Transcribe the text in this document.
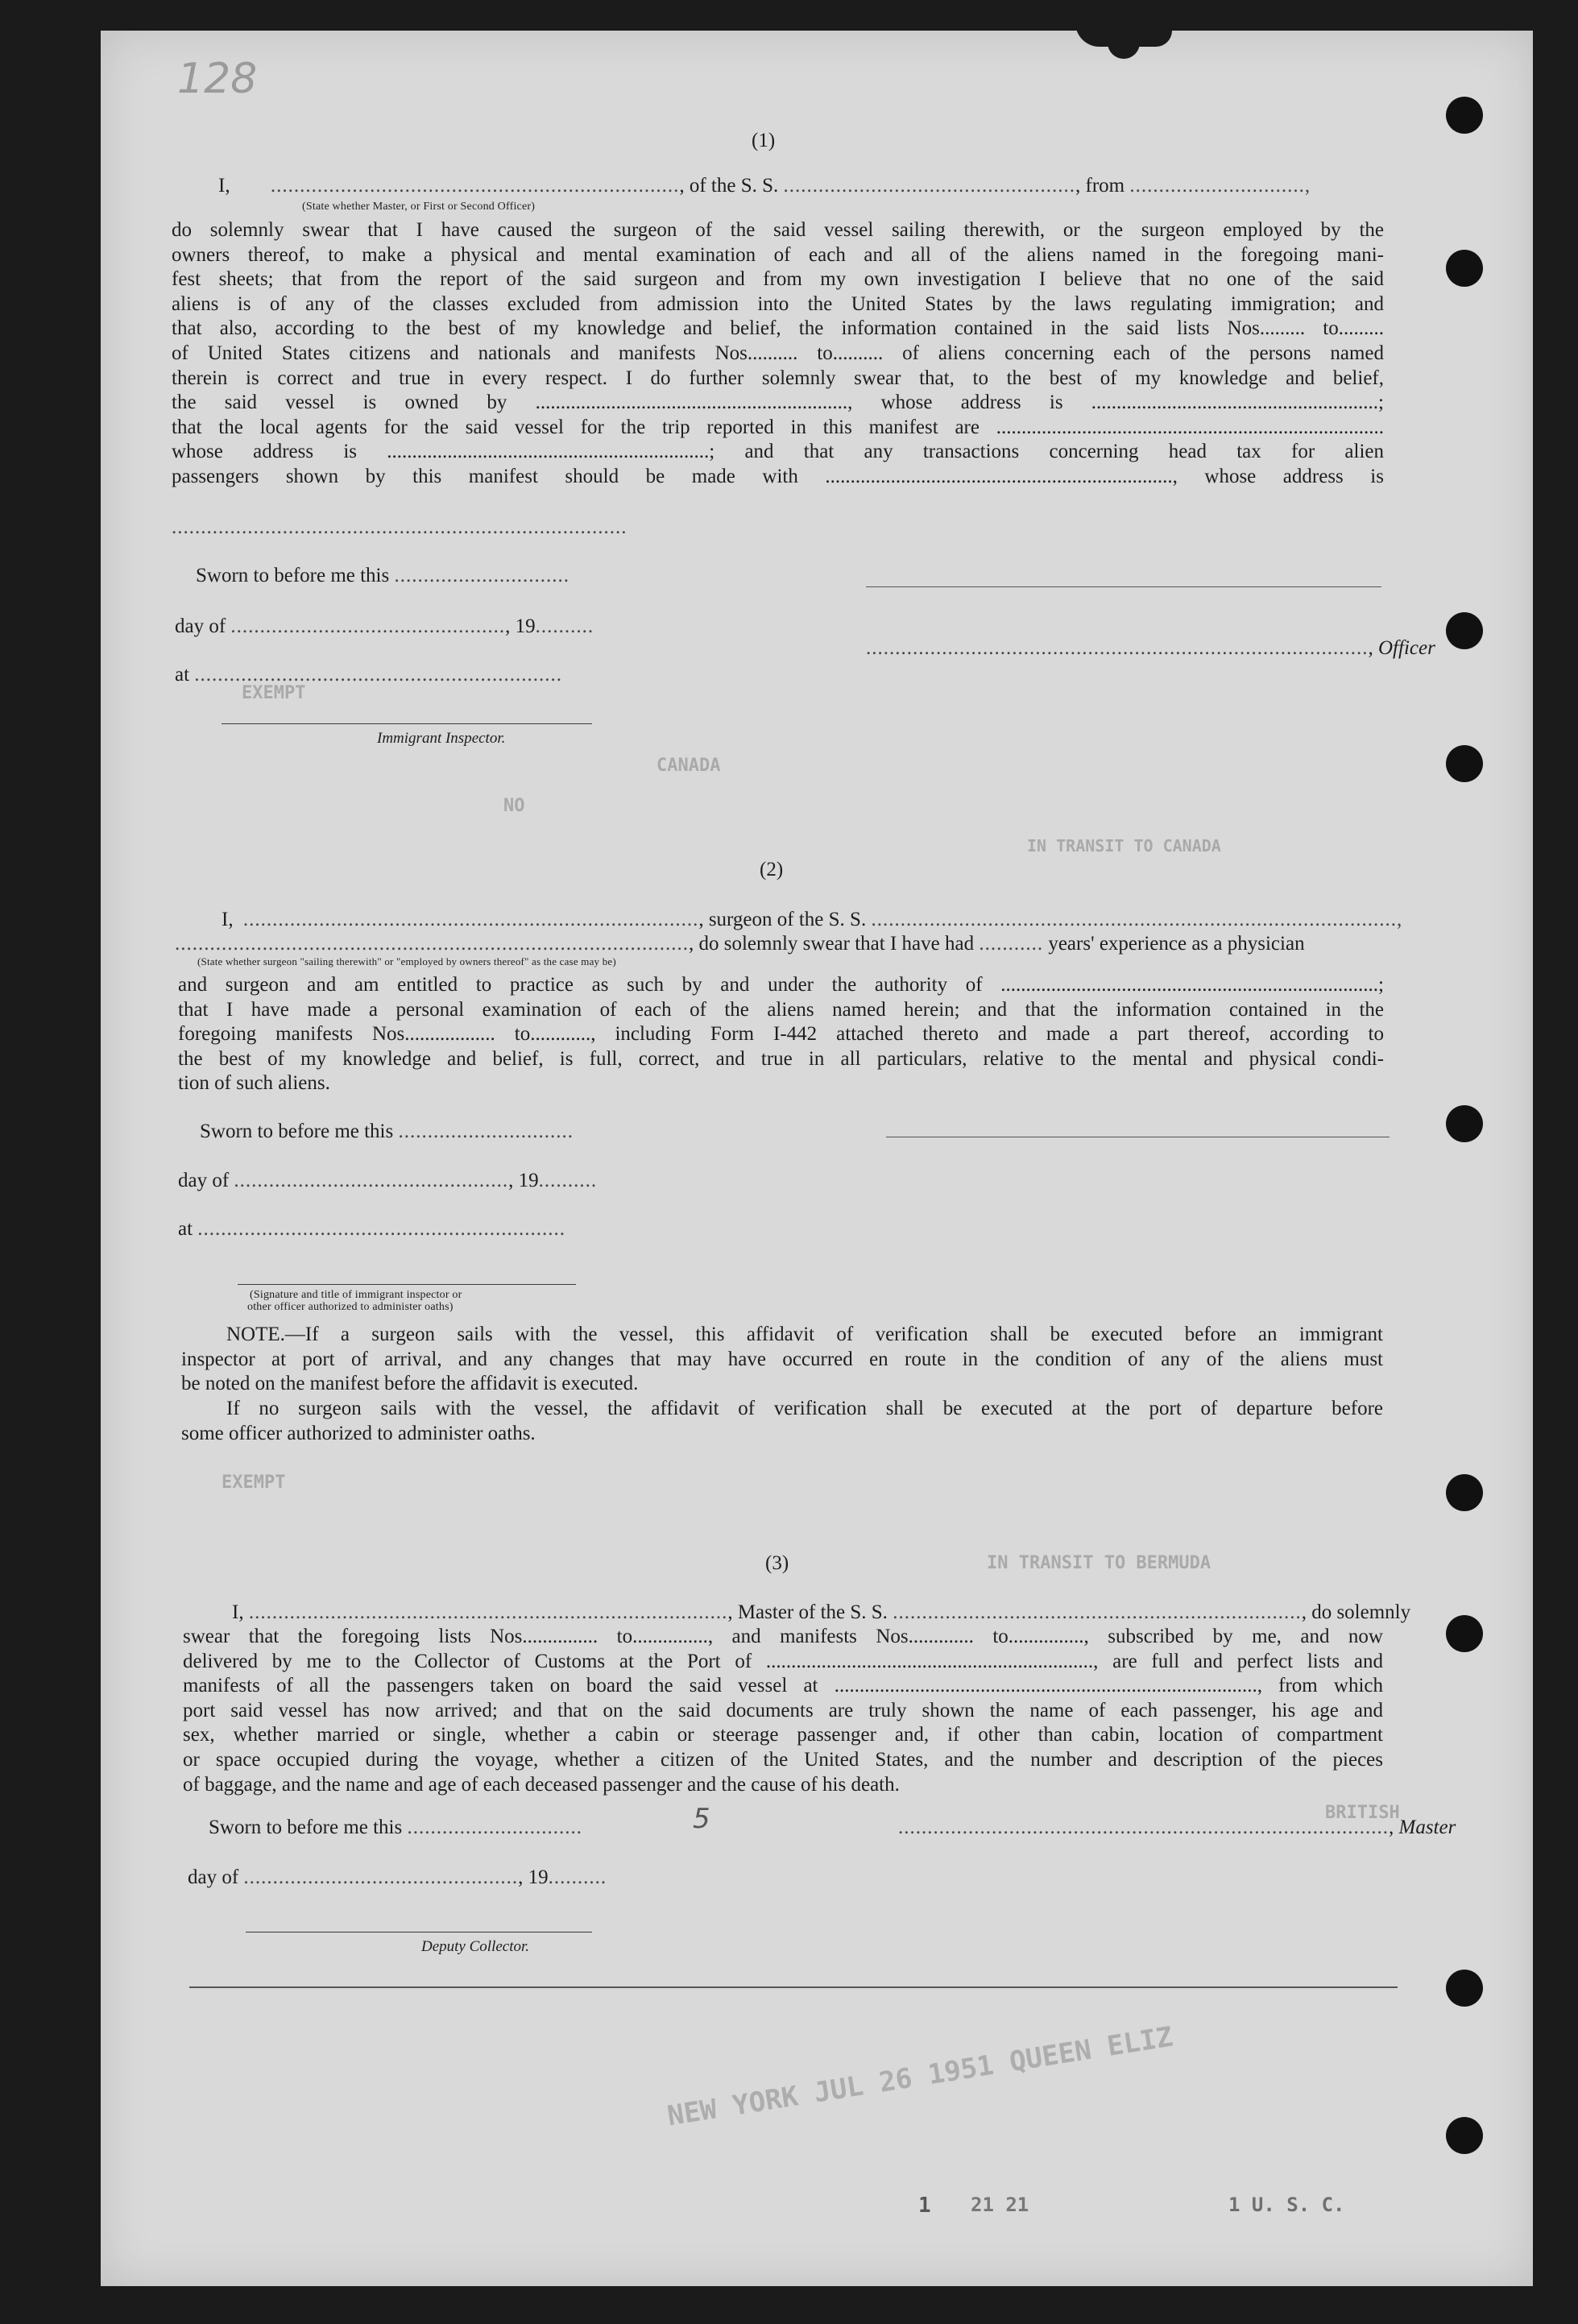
128
EXEMPT
CANADA
NO
IN TRANSIT TO CANADA
EXEMPT
IN TRANSIT TO BERMUDA
BRITISH
(1)
I, ......................................................................, of the S. S. .................................................., from ..............................,
(State whether Master, or First or Second Officer)
do solemnly swear that I have caused the surgeon of the said vessel sailing therewith, or the surgeon employed by the
owners thereof, to make a physical and mental examination of each and all of the aliens named in the foregoing mani-
fest sheets; that from the report of the said surgeon and from my own investigation I believe that no one of the said
aliens is of any of the classes excluded from admission into the United States by the laws regulating immigration; and
that also, according to the best of my knowledge and belief, the information contained in the said lists Nos......... to.........
of United States citizens and nationals and manifests Nos.......... to.......... of aliens concerning each of the persons named
therein is correct and true in every respect. I do further solemnly swear that, to the best of my knowledge and belief,
the said vessel is owned by .............................................................., whose address is .........................................................;
that the local agents for the said vessel for the trip reported in this manifest are .............................................................................
whose address is ................................................................; and that any transactions concerning head tax for alien
passengers shown by this manifest should be made with ....................................................................., whose address is
..............................................................................
Sworn to before me this ..............................
day of ..............................................., 19..........
at ...............................................................
Immigrant Inspector.
......................................................................................, Officer
(2)
I, .............................................................................., surgeon of the S. S. ..........................................................................................,
........................................................................................, do solemnly swear that I have had ........... years' experience as a physician
(State whether surgeon "sailing therewith" or "employed by owners thereof" as the case may be)
and surgeon and am entitled to practice as such by and under the authority of ...........................................................................;
that I have made a personal examination of each of the aliens named herein; and that the information contained in the
foregoing manifests Nos.................. to............, including Form I-442 attached thereto and made a part thereof, according to
the best of my knowledge and belief, is full, correct, and true in all particulars, relative to the mental and physical condi-
tion of such aliens.
Sworn to before me this ..............................
day of ..............................................., 19..........
at ...............................................................
(Signature and title of immigrant inspector or
other officer authorized to administer oaths)
NOTE.—If a surgeon sails with the vessel, this affidavit of verification shall be executed before an immigrant
inspector at port of arrival, and any changes that may have occurred en route in the condition of any of the aliens must
be noted on the manifest before the affidavit is executed.
If no surgeon sails with the vessel, the affidavit of verification shall be executed at the port of departure before
some officer authorized to administer oaths.
(3)
I, .................................................................................., Master of the S. S. ......................................................................, do solemnly
swear that the foregoing lists Nos............... to..............., and manifests Nos............. to..............., subscribed by me, and now
delivered by me to the Collector of Customs at the Port of ................................................................., are full and perfect lists and
manifests of all the passengers taken on board the said vessel at ...................................................................................., from which
port said vessel has now arrived; and that on the said documents are truly shown the name of each passenger, his age and
sex, whether married or single, whether a cabin or steerage passenger and, if other than cabin, location of compartment
or space occupied during the voyage, whether a citizen of the United States, and the number and description of the pieces
of baggage, and the name and age of each deceased passenger and the cause of his death.
Sworn to before me this ..............................
day of ..............................................., 19..........
Deputy Collector.
5	...................................................................................., Master
NEW YORK JUL 26 1951 QUEEN ELIZ
21 21
1	1 U. S. C.
